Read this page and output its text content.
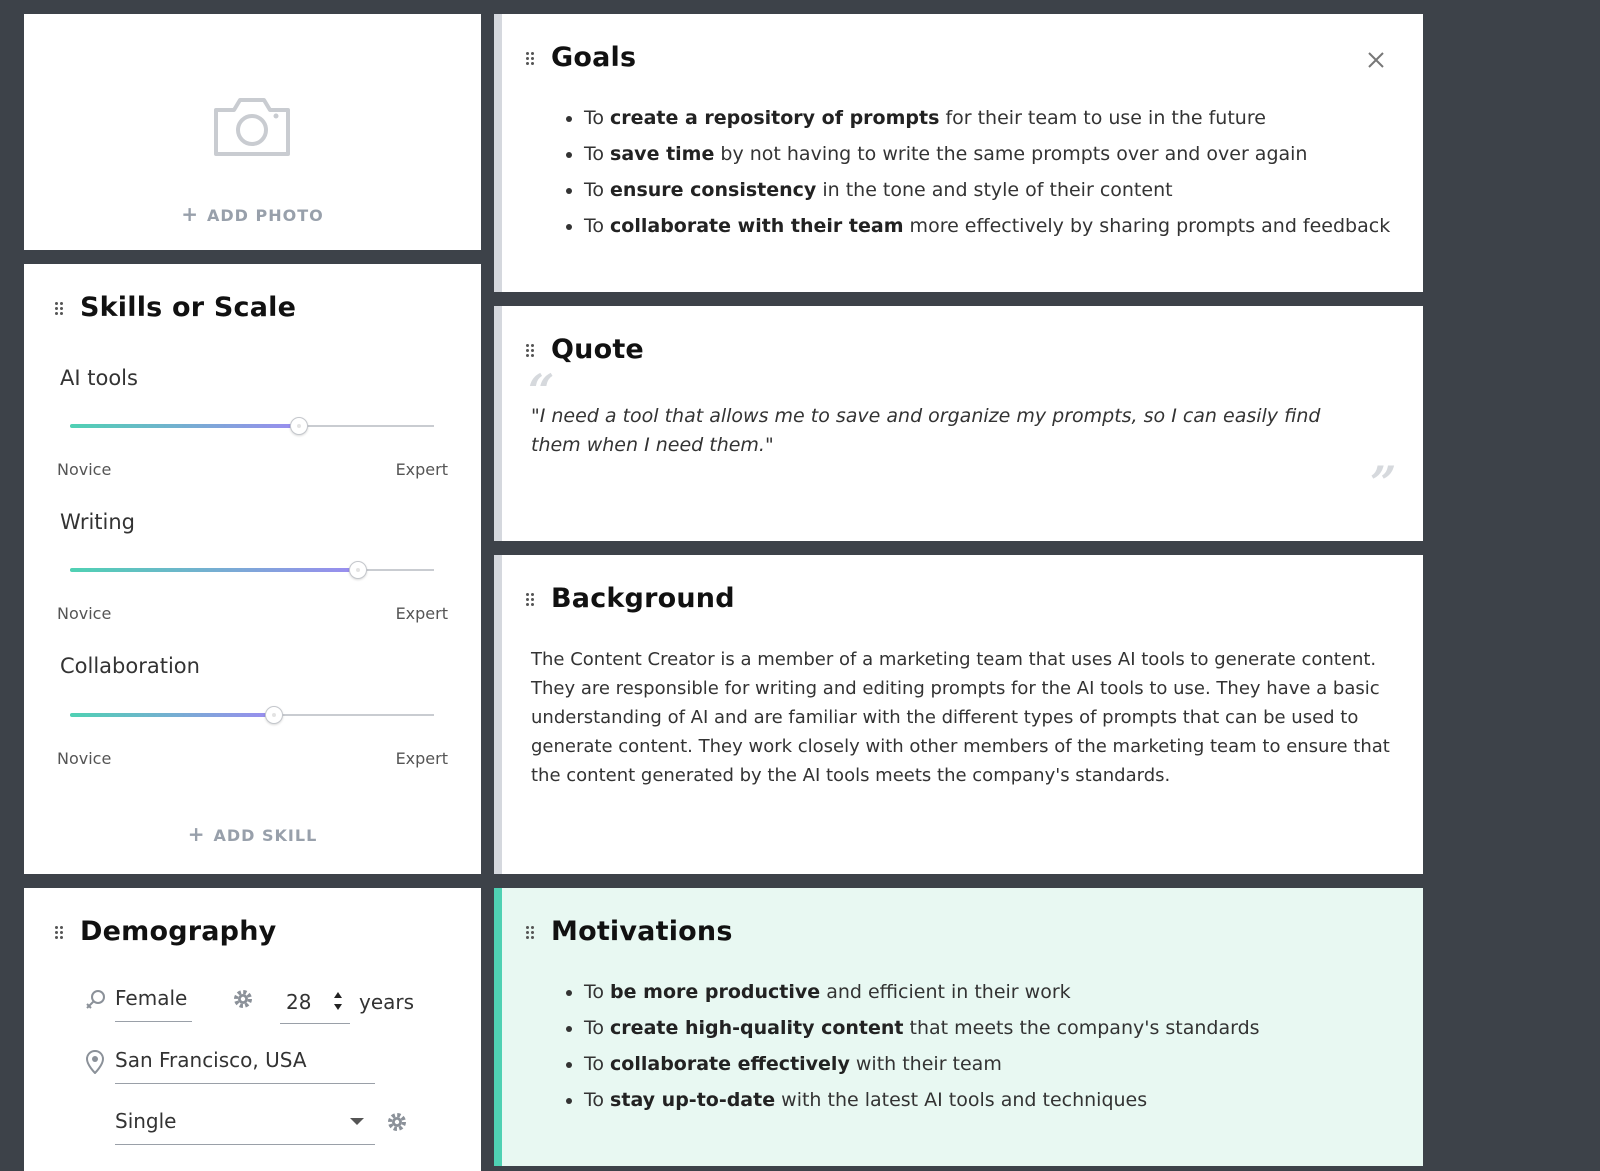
+ ADD PHOTO
Skills or Scale
AI tools
Novice	Expert
Writing
Novice	Expert
Collaboration
Novice	Expert
+ ADD SKILL
Demography
Female	28 years
San Francisco, USA
Single
Goals
To create a repository of prompts for their team to use in the future
To save time by not having to write the same prompts over and over again
To ensure consistency in the tone and style of their content
To collaborate with their team more effectively by sharing prompts and feedback
Quote
“
"I need a tool that allows me to save and organize my prompts, so I can easily find them when I need them."
”
Background
The Content Creator is a member of a marketing team that uses AI tools to generate content. They are responsible for writing and editing prompts for the AI tools to use. They have a basic understanding of AI and are familiar with the different types of prompts that can be used to generate content. They work closely with other members of the marketing team to ensure that the content generated by the AI tools meets the company's standards.
Motivations
To be more productive and efficient in their work
To create high-quality content that meets the company's standards
To collaborate effectively with their team
To stay up-to-date with the latest AI tools and techniques
